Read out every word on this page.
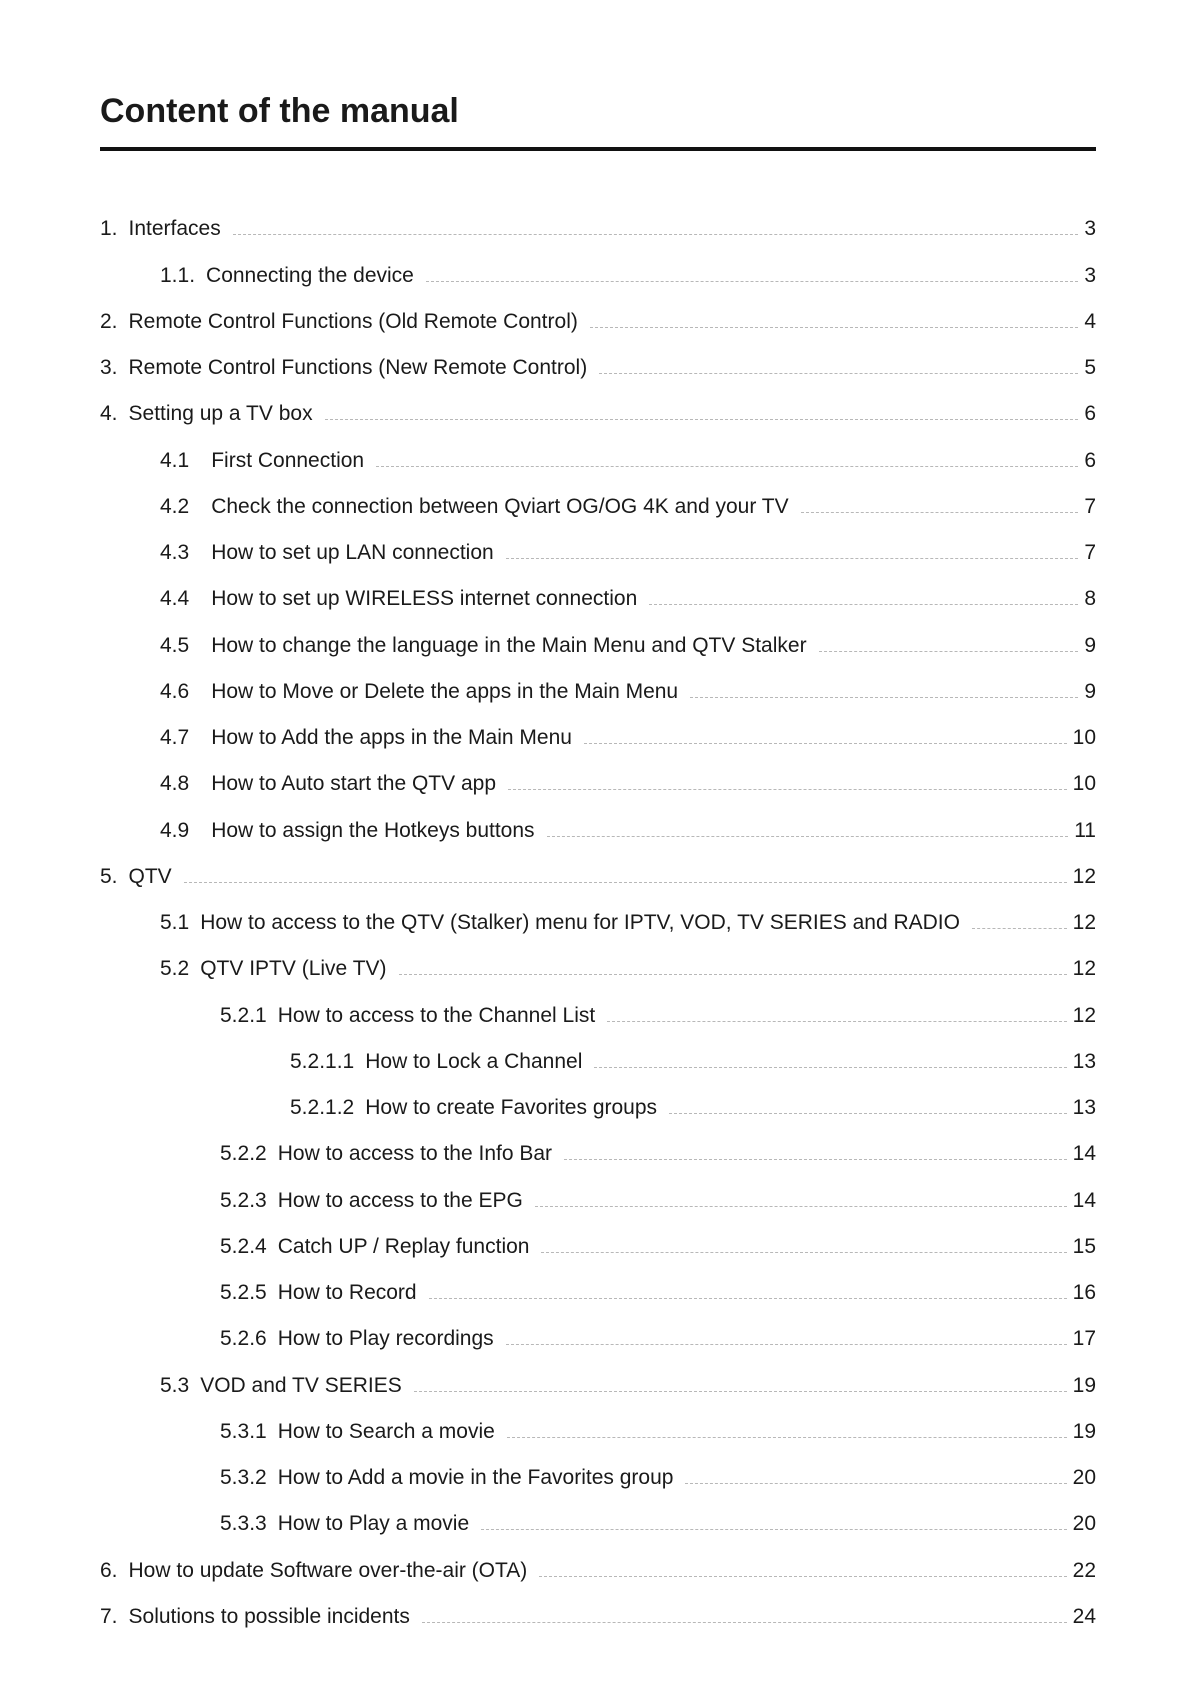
Content of the manual
1. Interfaces	3
1.1. Connecting the device	3
2. Remote Control Functions (Old Remote Control)	4
3. Remote Control Functions (New Remote Control)	5
4. Setting up a TV box	6
4.1 First Connection	6
4.2 Check the connection between Qviart OG/OG 4K and your TV	7
4.3 How to set up LAN connection	7
4.4 How to set up WIRELESS internet connection	8
4.5 How to change the language in the Main Menu and QTV Stalker	9
4.6 How to Move or Delete the apps in the Main Menu	9
4.7 How to Add the apps in the Main Menu	10
4.8 How to Auto start the QTV app	10
4.9 How to assign the Hotkeys buttons	11
5. QTV	12
5.1 How to access to the QTV (Stalker) menu for IPTV, VOD, TV SERIES and RADIO	12
5.2 QTV IPTV (Live TV)	12
5.2.1 How to access to the Channel List	12
5.2.1.1 How to Lock a Channel	13
5.2.1.2 How to create Favorites groups	13
5.2.2 How to access to the Info Bar	14
5.2.3 How to access to the EPG	14
5.2.4 Catch UP / Replay function	15
5.2.5 How to Record	16
5.2.6 How to Play recordings	17
5.3 VOD and TV SERIES	19
5.3.1 How to Search a movie	19
5.3.2 How to Add a movie in the Favorites group	20
5.3.3 How to Play a movie	20
6. How to update Software over-the-air (OTA)	22
7. Solutions to possible incidents	24
